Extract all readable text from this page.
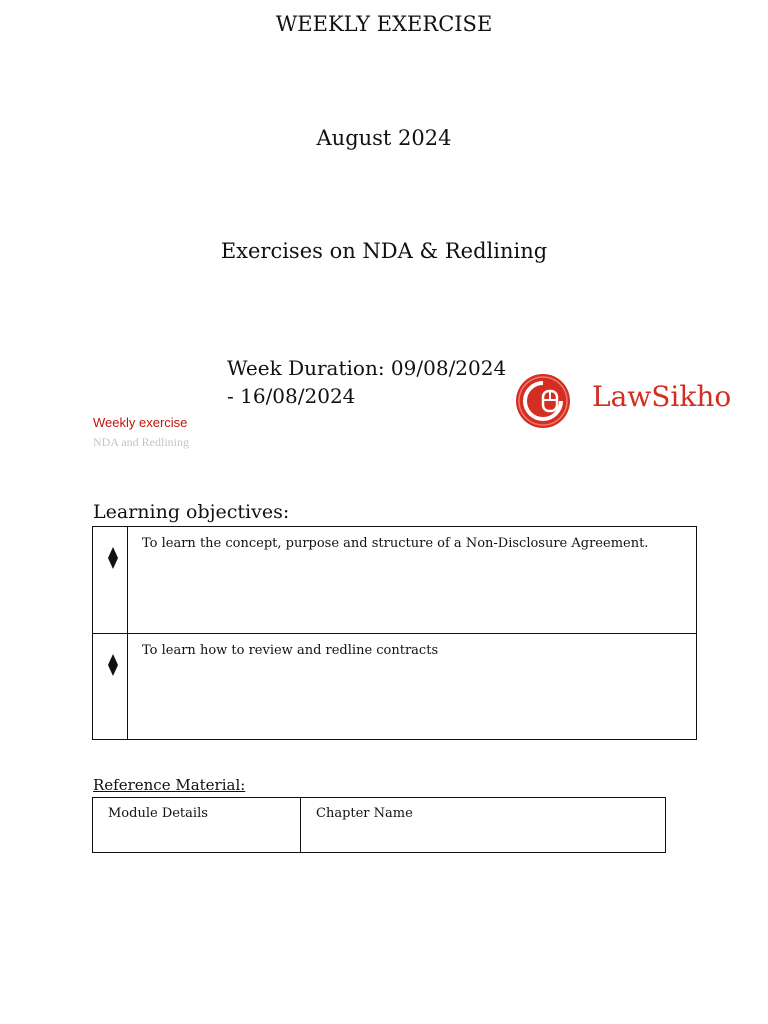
WEEKLY EXERCISE
August 2024
Exercises on NDA & Redlining
Week Duration: 09/08/2024 - 16/08/2024
Weekly exercise
NDA and Redlining
LawSikho
Learning objectives:
To learn the concept, purpose and structure of a Non-Disclosure Agreement.
To learn how to review and redline contracts
Reference Material:
Module Details	Chapter Name
